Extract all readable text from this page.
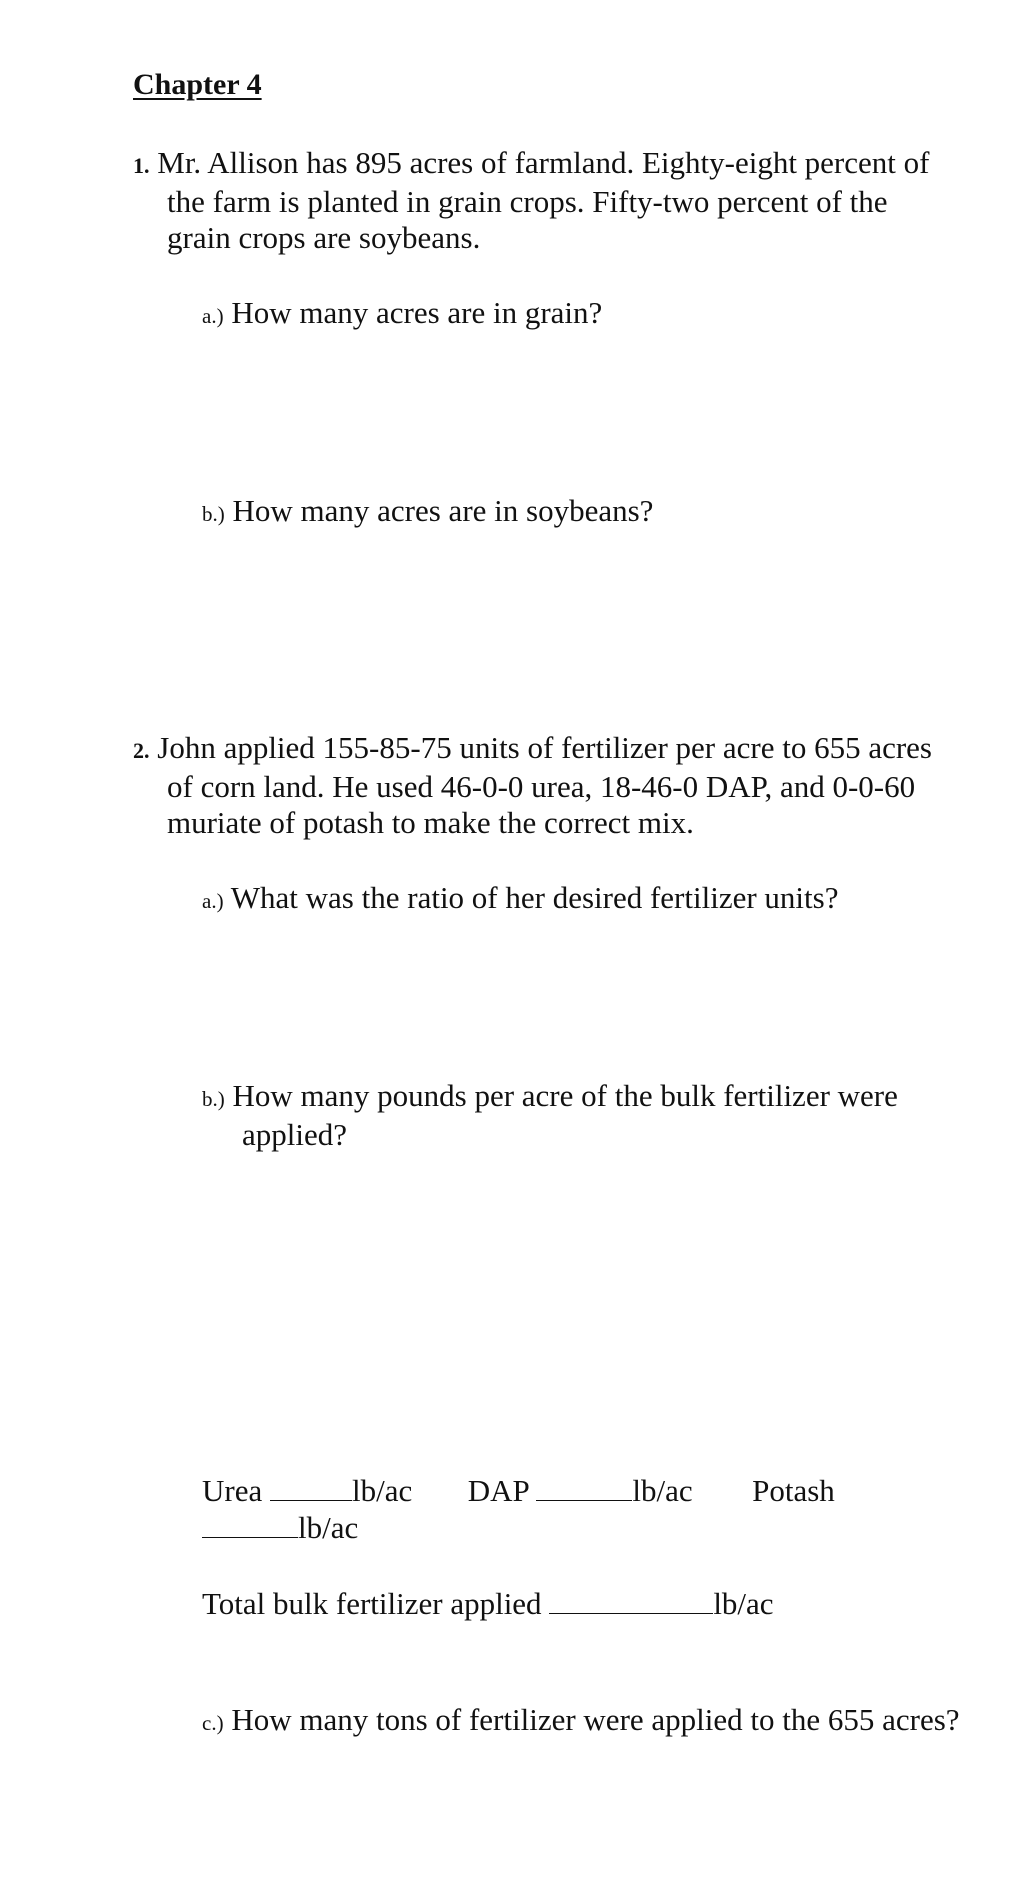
Chapter 4
1. Mr. Allison has 895 acres of farmland. Eighty-eight percent of the farm is planted in grain crops. Fifty-two percent of the grain crops are soybeans.
a.) How many acres are in grain?
b.) How many acres are in soybeans?
2. John applied 155-85-75 units of fertilizer per acre to 655 acres of corn land. He used 46-0-0 urea, 18-46-0 DAP, and 0-0-60 muriate of potash to make the correct mix.
a.) What was the ratio of her desired fertilizer units?
b.) How many pounds per acre of the bulk fertilizer were applied?
Urea	lb/ac DAP	lb/ac Potash
lb/ac
Total bulk fertilizer applied	lb/ac
c.) How many tons of fertilizer were applied to the 655 acres?
